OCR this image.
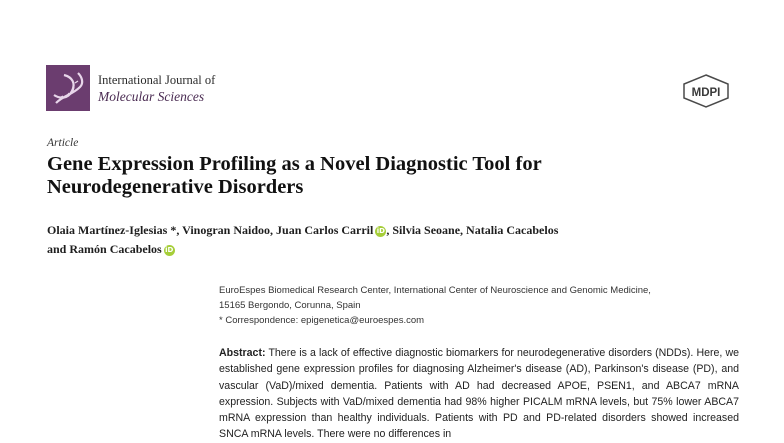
International Journal of
Molecular Sciences	MDPI
Article
Gene Expression Profiling as a Novel Diagnostic Tool for
Neurodegenerative Disorders
Olaia Martínez-Iglesias *, Vinogran Naidoo, Juan Carlos Carril iD, Silvia Seoane, Natalia Cacabelos
and Ramón Cacabelos iD
EuroEspes Biomedical Research Center, International Center of Neuroscience and Genomic Medicine,
15165 Bergondo, Corunna, Spain
* Correspondence: epigenetica@euroespes.com
Abstract: There is a lack of effective diagnostic biomarkers for neurodegenerative disorders (NDDs). Here, we established gene expression profiles for diagnosing Alzheimer's disease (AD), Parkinson's disease (PD), and vascular (VaD)/mixed dementia. Patients with AD had decreased APOE, PSEN1, and ABCA7 mRNA expression. Subjects with VaD/mixed dementia had 98% higher PICALM mRNA levels, but 75% lower ABCA7 mRNA expression than healthy individuals. Patients with PD and PD-related disorders showed increased SNCA mRNA levels. There were no differences in
